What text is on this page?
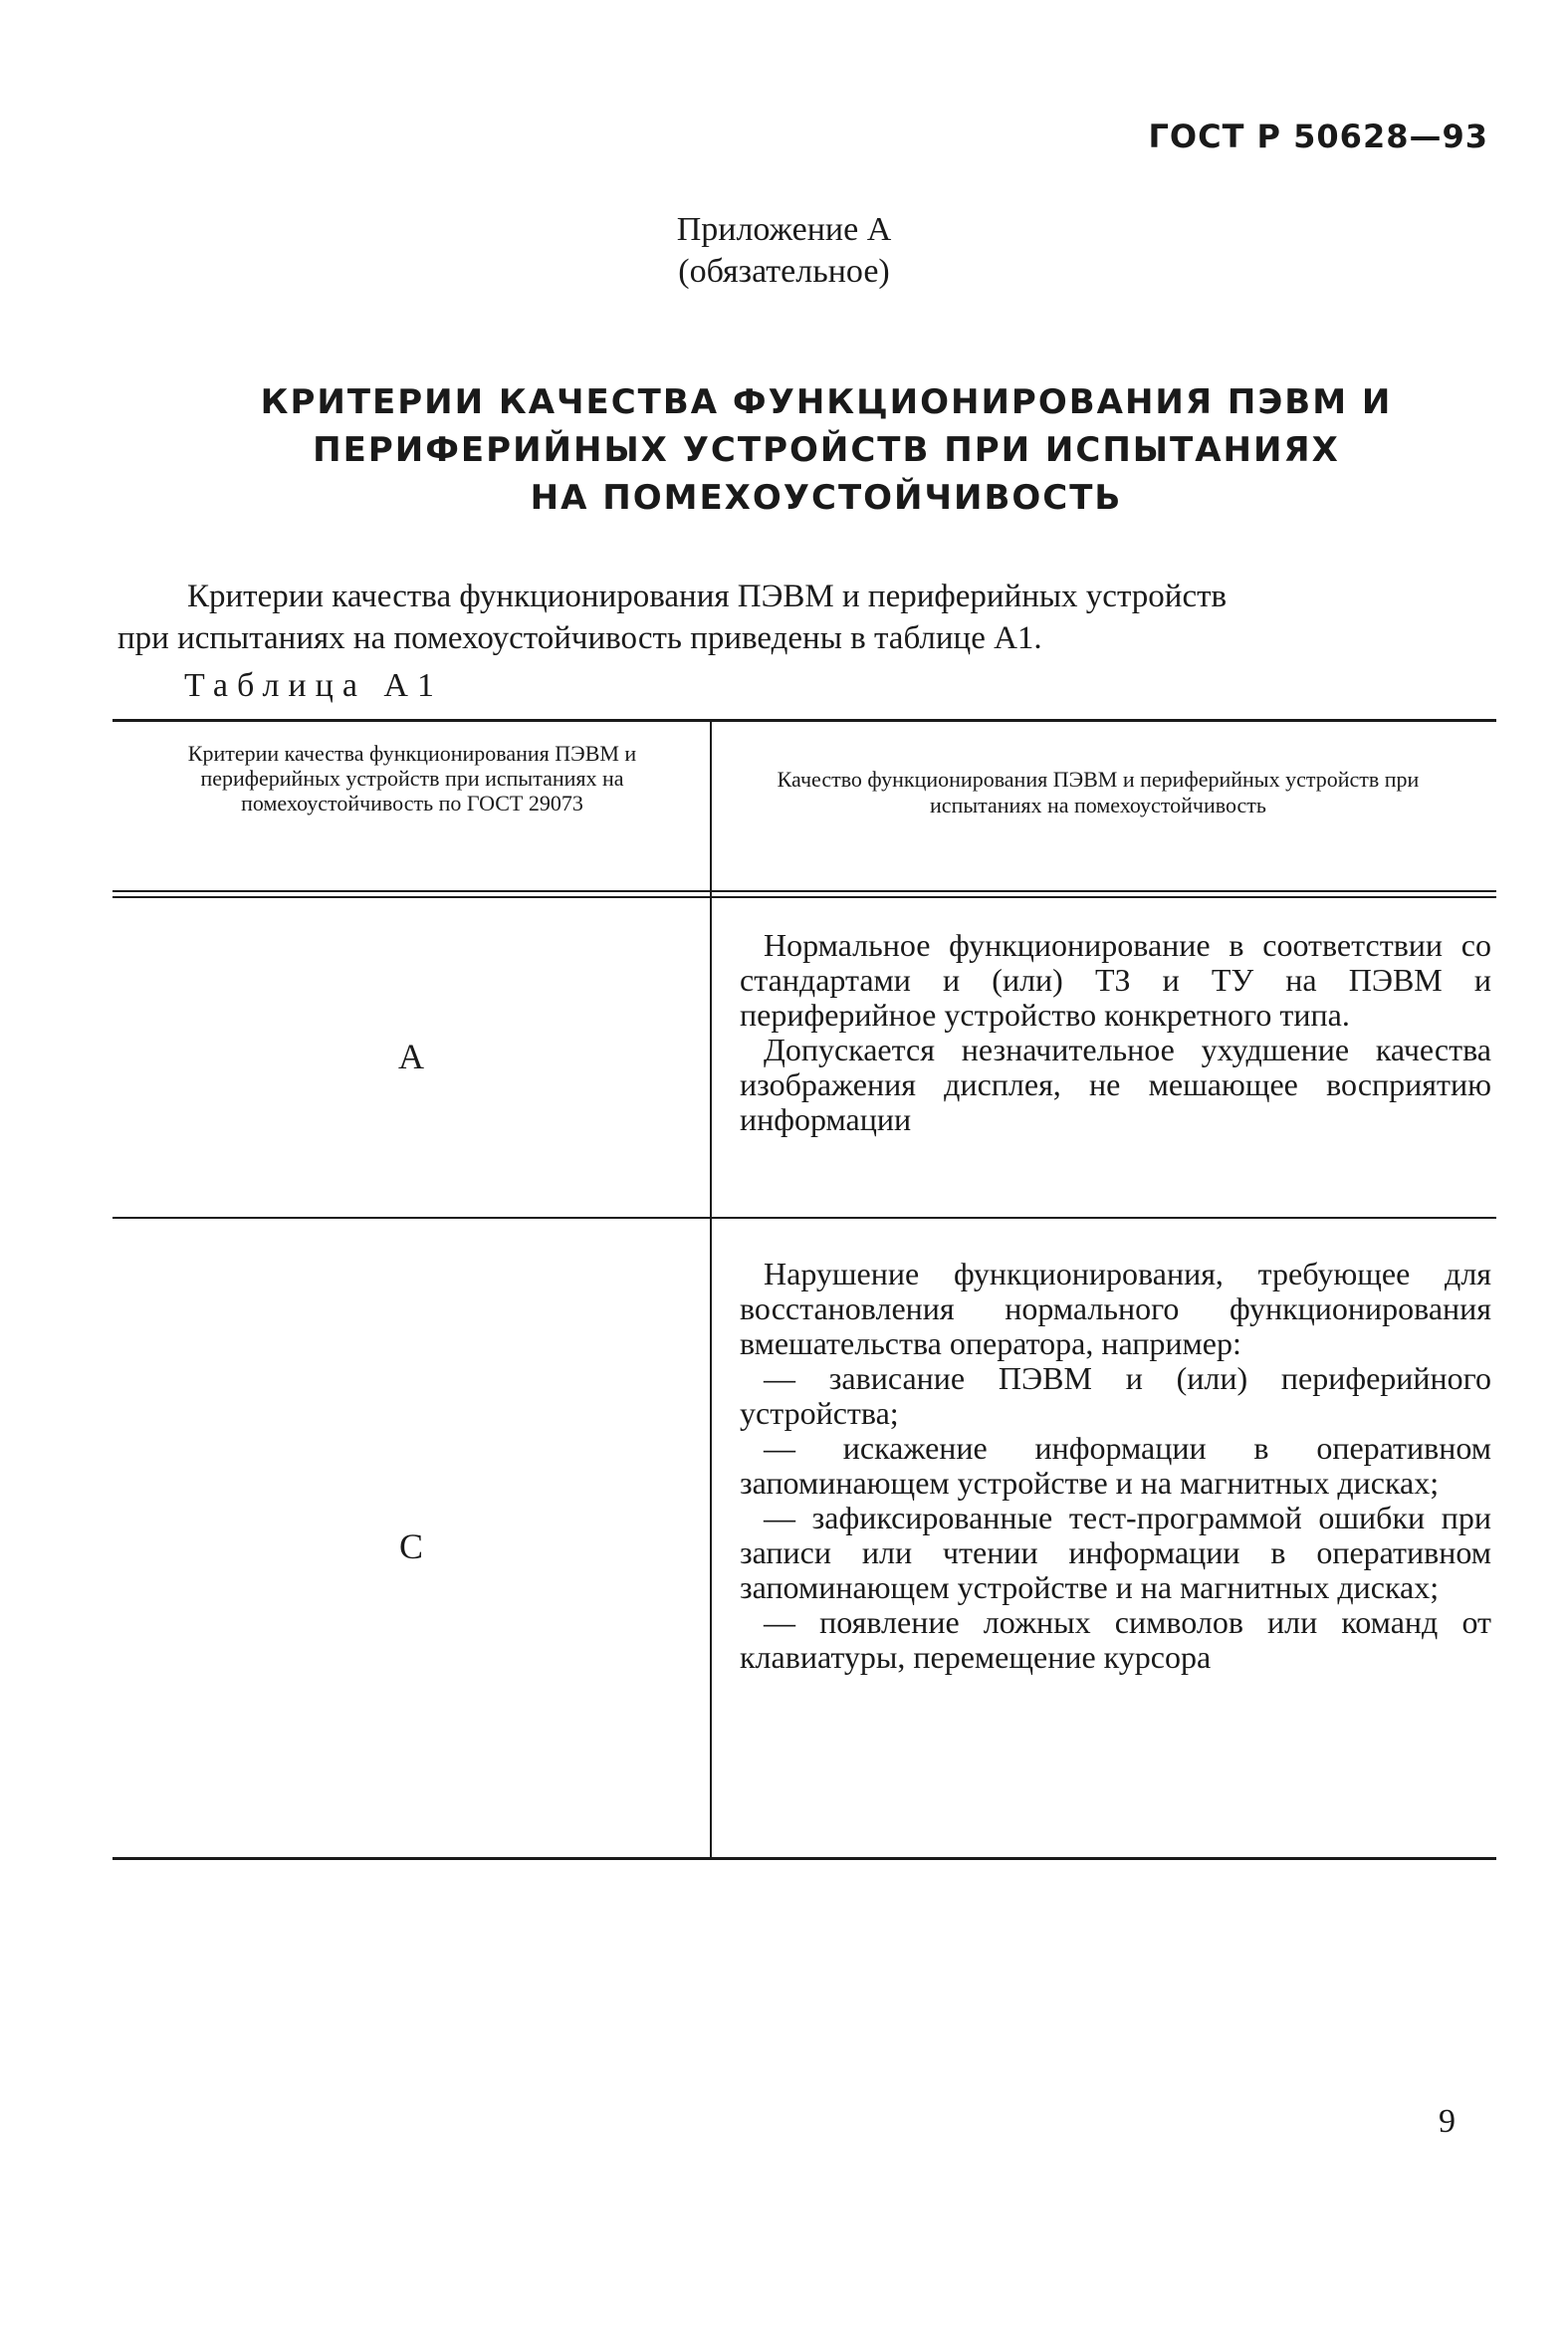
ГОСТ Р 50628—93
Приложение А
(обязательное)
КРИТЕРИИ КАЧЕСТВА ФУНКЦИОНИРОВАНИЯ ПЭВМ И
ПЕРИФЕРИЙНЫХ УСТРОЙСТВ ПРИ ИСПЫТАНИЯХ
НА ПОМЕХОУСТОЙЧИВОСТЬ
Критерии качества функционирования ПЭВМ и периферийных устройств
при испытаниях на помехоустойчивость приведены в таблице А1.
Таблица А1
Критерии качества функционирования ПЭВМ и периферийных устройств при испытаниях на помехоустойчивость по ГОСТ 29073
Качество функционирования ПЭВМ и периферийных устройств при испытаниях на помехоустойчивость
А

Нормальное функционирование в соответствии со стандартами и (или) ТЗ и ТУ на ПЭВМ и периферийное устройство конкретного типа.

Допускается незначительное ухудшение качества изображения дисплея, не мешающее восприятию информации

С

Нарушение функционирования, требующее для восстановления нормального функционирования вмешательства оператора, например:

— зависание ПЭВМ и (или) периферийного устройства;

— искажение информации в оперативном запоминающем устройстве и на магнитных дисках;

— зафиксированные тест-программой ошибки при записи или чтении информации в оперативном запоминающем устройстве и на магнитных дисках;

— появление ложных символов или команд от клавиатуры, перемещение курсора

9
